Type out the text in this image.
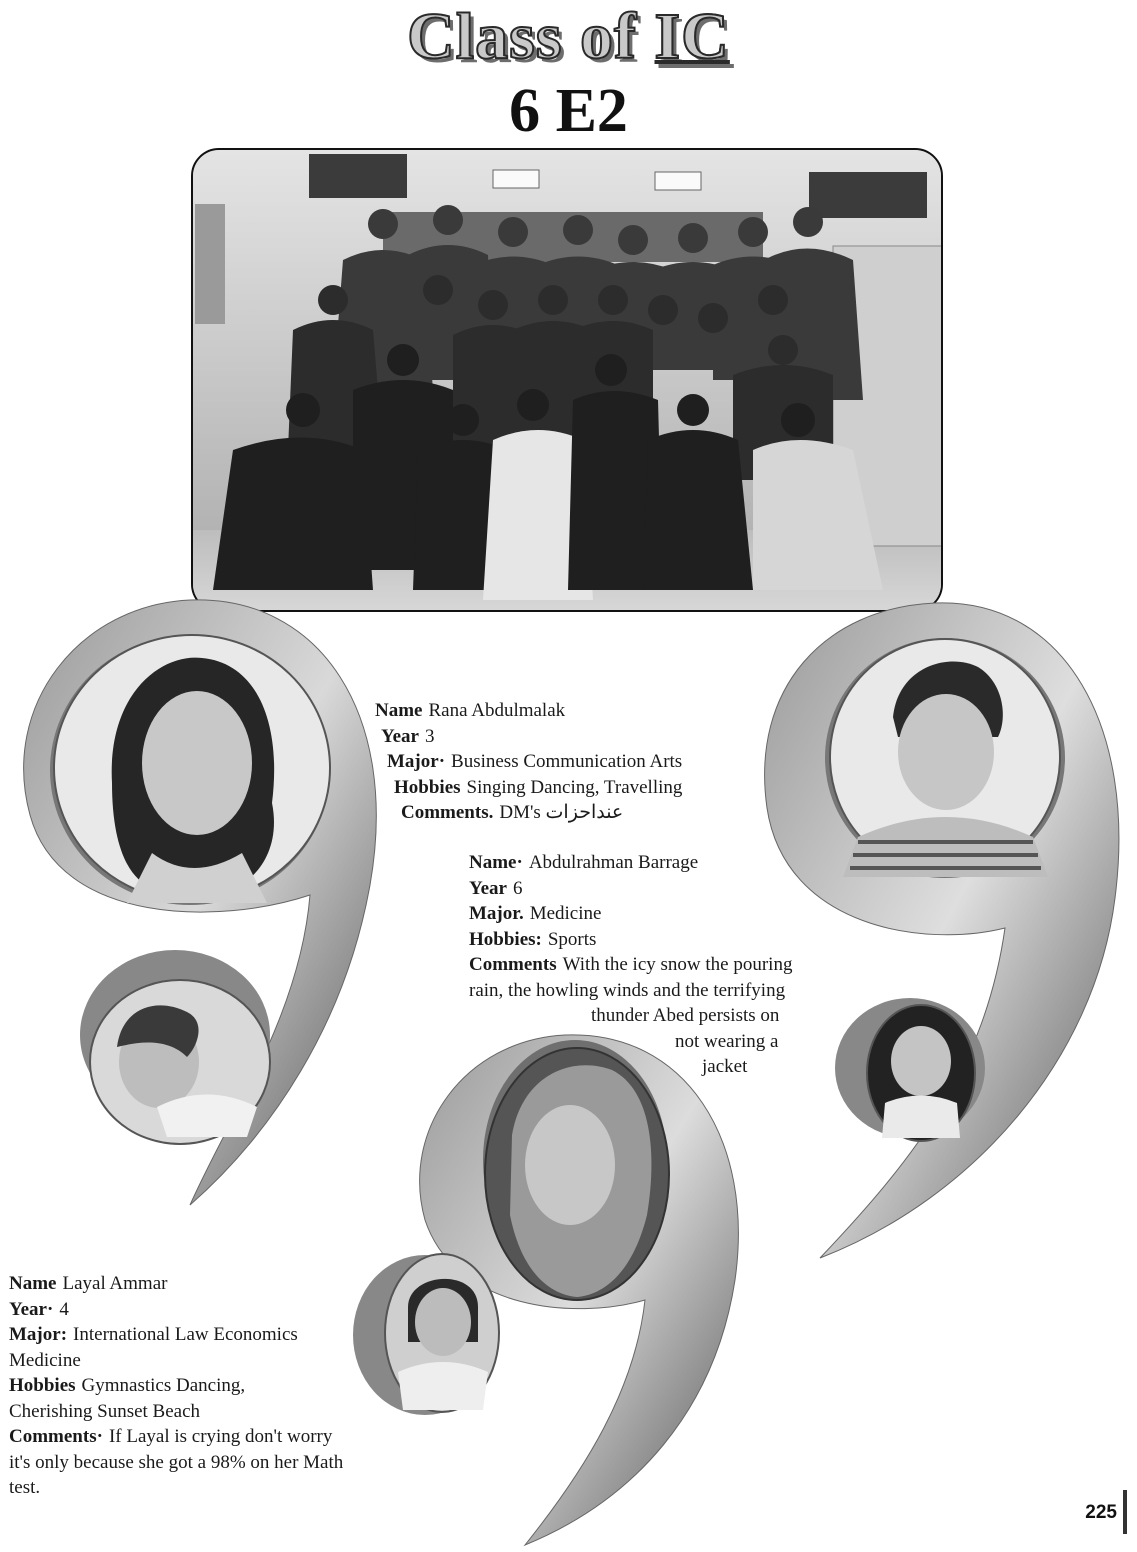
Class of IC
6 E2
Name Rana Abdulmalak
Year 3
Major· Business Communication Arts
Hobbies Singing Dancing, Travelling
Comments. DM's عنداحزات
Name· Abdulrahman Barrage
Year 6
Major. Medicine
Hobbies: Sports
Comments With the icy snow the pouring
rain, the howling winds and the terrifying
thunder Abed persists on
not wearing a
jacket
Name Layal Ammar
Year· 4
Major: International Law Economics
Medicine
Hobbies Gymnastics Dancing,
Cherishing Sunset Beach
Comments· If Layal is crying don't worry
it's only because she got a 98% on her Math
test.
225
